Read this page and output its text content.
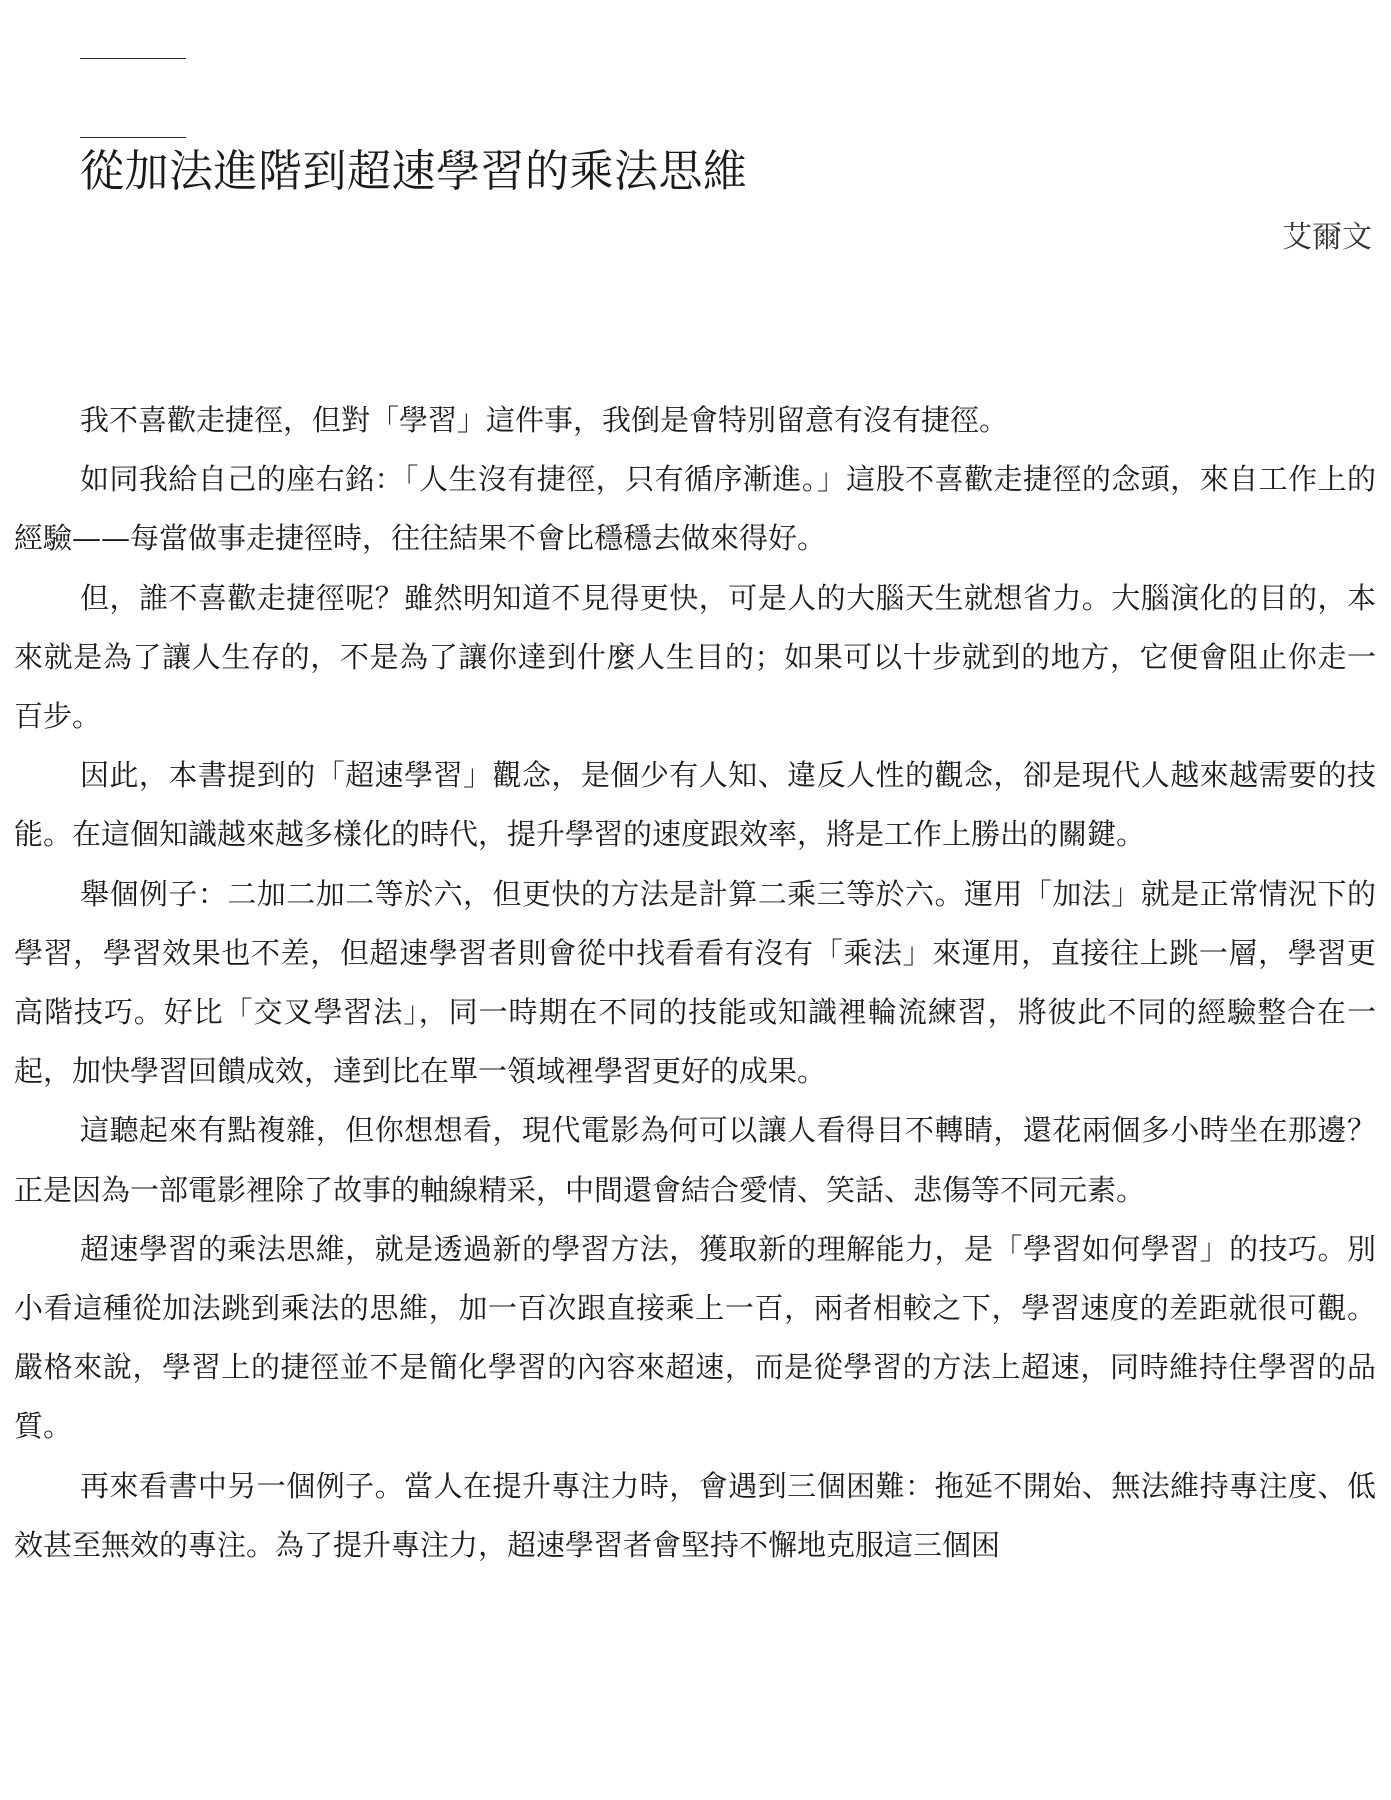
從加法進階到超速學習的乘法思維
艾爾文

我不喜歡走捷徑，但對「學習」這件事，我倒是會特別留意有沒有捷徑。

如同我給自己的座右銘：「人生沒有捷徑，只有循序漸進。」這股不喜歡走捷徑的念頭，來自工作上的經驗——每當做事走捷徑時，往往結果不會比穩穩去做來得好。

但，誰不喜歡走捷徑呢？雖然明知道不見得更快，可是人的大腦天生就想省力。大腦演化的目的，本來就是為了讓人生存的，不是為了讓你達到什麼人生目的；如果可以十步就到的地方，它便會阻止你走一百步。

因此，本書提到的「超速學習」觀念，是個少有人知、違反人性的觀念，卻是現代人越來越需要的技能。在這個知識越來越多樣化的時代，提升學習的速度跟效率，將是工作上勝出的關鍵。

舉個例子：二加二加二等於六，但更快的方法是計算二乘三等於六。運用「加法」就是正常情況下的學習，學習效果也不差，但超速學習者則會從中找看看有沒有「乘法」來運用，直接往上跳一層，學習更高階技巧。好比「交叉學習法」，同一時期在不同的技能或知識裡輪流練習，將彼此不同的經驗整合在一起，加快學習回饋成效，達到比在單一領域裡學習更好的成果。

這聽起來有點複雜，但你想想看，現代電影為何可以讓人看得目不轉睛，還花兩個多小時坐在那邊？正是因為一部電影裡除了故事的軸線精采，中間還會結合愛情、笑話、悲傷等不同元素。

超速學習的乘法思維，就是透過新的學習方法，獲取新的理解能力，是「學習如何學習」的技巧。別小看這種從加法跳到乘法的思維，加一百次跟直接乘上一百，兩者相較之下，學習速度的差距就很可觀。嚴格來說，學習上的捷徑並不是簡化學習的內容來超速，而是從學習的方法上超速，同時維持住學習的品質。

再來看書中另一個例子。當人在提升專注力時，會遇到三個困難：拖延不開始、無法維持專注度、低效甚至無效的專注。為了提升專注力，超速學習者會堅持不懈地克服這三個困
